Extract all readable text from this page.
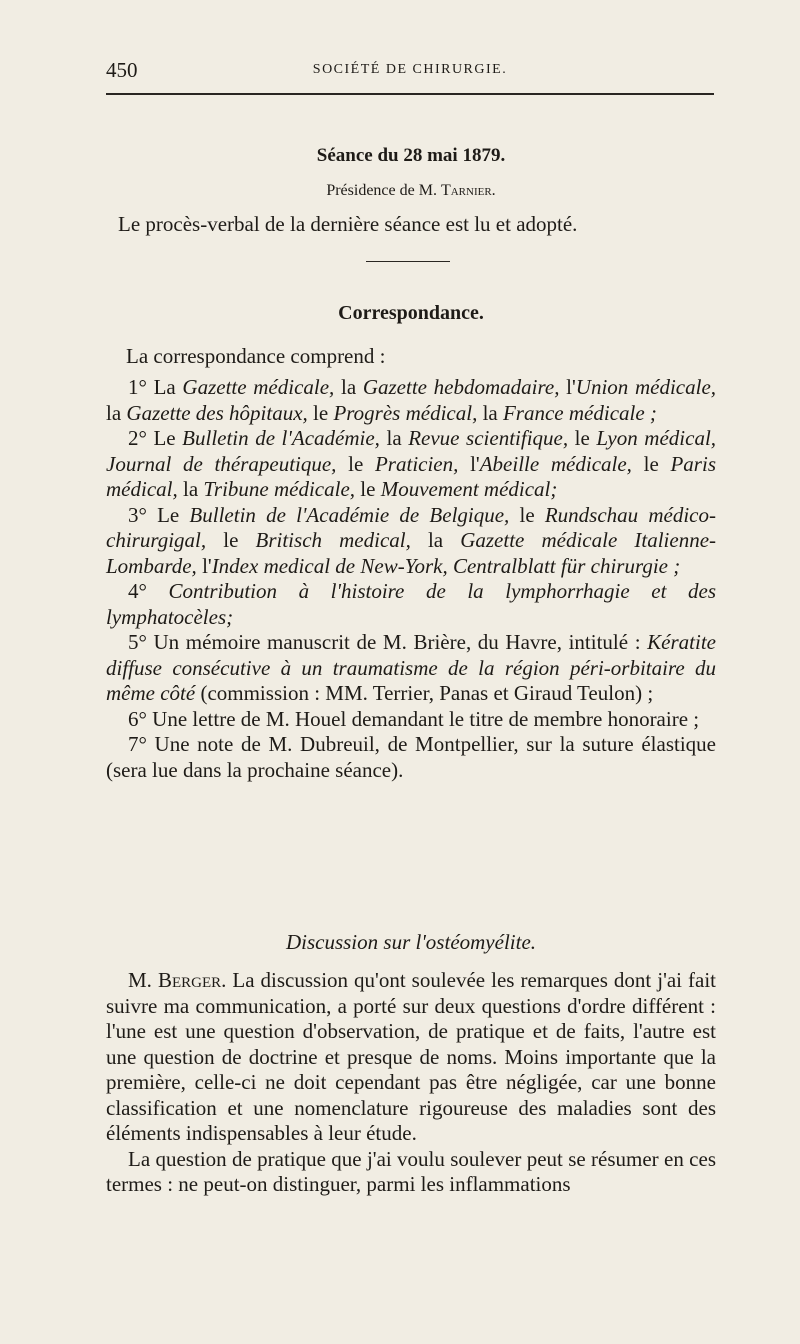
450	SOCIÉTÉ DE CHIRURGIE.
Séance du 28 mai 1879.
Présidence de M. Tarnier.
Le procès-verbal de la dernière séance est lu et adopté.
Correspondance.
La correspondance comprend :

1° La Gazette médicale, la Gazette hebdomadaire, l'Union médicale, la Gazette des hôpitaux, le Progrès médical, la France médicale ;

2° Le Bulletin de l'Académie, la Revue scientifique, le Lyon médical, Journal de thérapeutique, le Praticien, l'Abeille médicale, le Paris médical, la Tribune médicale, le Mouvement médical;

3° Le Bulletin de l'Académie de Belgique, le Rundschau médico-chirurgigal, le Britisch medical, la Gazette médicale Italienne-Lombarde, l'Index medical de New-York, Centralblatt für chirurgie ;

4° Contribution à l'histoire de la lymphorrhagie et des lymphatocèles;

5° Un mémoire manuscrit de M. Brière, du Havre, intitulé : Kératite diffuse consécutive à un traumatisme de la région péri-orbitaire du même côté (commission : MM. Terrier, Panas et Giraud Teulon) ;

6° Une lettre de M. Houel demandant le titre de membre honoraire ;

7° Une note de M. Dubreuil, de Montpellier, sur la suture élastique (sera lue dans la prochaine séance).

Discussion sur l'ostéomyélite.

M. Berger. La discussion qu'ont soulevée les remarques dont j'ai fait suivre ma communication, a porté sur deux questions d'ordre différent : l'une est une question d'observation, de pratique et de faits, l'autre est une question de doctrine et presque de noms. Moins importante que la première, celle-ci ne doit cependant pas être négligée, car une bonne classification et une nomenclature rigoureuse des maladies sont des éléments indispensables à leur étude.

La question de pratique que j'ai voulu soulever peut se résumer en ces termes : ne peut-on distinguer, parmi les inflammations
